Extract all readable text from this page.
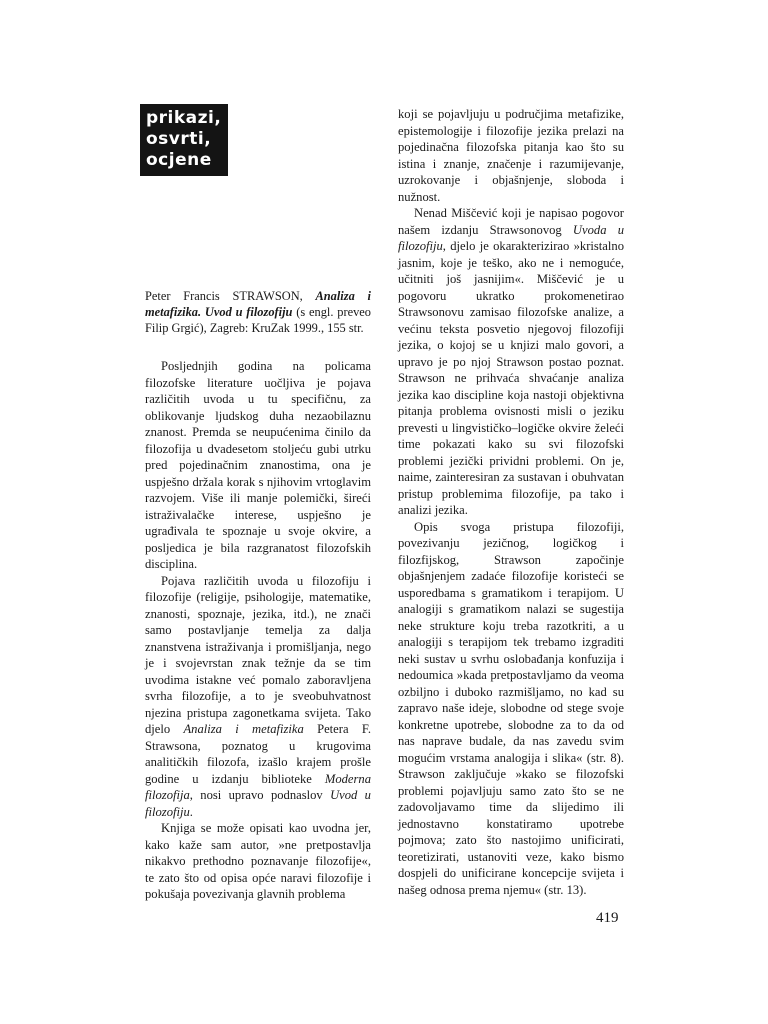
prikazi,
osvrti,
ocjene

Peter Francis STRAWSON, Analiza i metafizika. Uvod u filozofiju (s engl. preveo Filip Grgić), Zagreb: KruZak 1999., 155 str.

Posljednjih godina na policama filozofske literature uočljiva je pojava različitih uvoda u tu specifičnu, za oblikovanje ljudskog duha nezaobilaznu znanost. Premda se neupućenima činilo da filozofija u dvadesetom stoljeću gubi utrku pred pojedinačnim znanostima, ona je uspješno držala korak s njihovim vrtoglavim razvojem. Više ili manje polemički, šireći istraživalačke interese, uspješno je ugrađivala te spoznaje u svoje okvire, a posljedica je bila razgranatost filozofskih disciplina.

Pojava različitih uvoda u filozofiju i filozofije (religije, psihologije, matematike, znanosti, spoznaje, jezika, itd.), ne znači samo postavljanje temelja za dalja znanstvena istraživanja i promišljanja, nego je i svojevrstan znak težnje da se tim uvodima istakne već pomalo zaboravljena svrha filozofije, a to je sveobuhvatnost njezina pristupa zagonetkama svijeta. Tako djelo Analiza i metafizika Petera F. Strawsona, poznatog u krugovima analitičkih filozofa, izašlo krajem prošle godine u izdanju biblioteke Moderna filozofija, nosi upravo podnaslov Uvod u filozofiju.

Knjiga se može opisati kao uvodna jer, kako kaže sam autor, »ne pretpostavlja nikakvo prethodno poznavanje filozofije«, te zato što od opisa opće naravi filozofije i pokušaja povezivanja glavnih problema

koji se pojavljuju u područjima metafizike, epistemologije i filozofije jezika prelazi na pojedinačna filozofska pitanja kao što su istina i znanje, značenje i razumijevanje, uzrokovanje i objašnjenje, sloboda i nužnost.

Nenad Miščević koji je napisao pogovor našem izdanju Strawsonovog Uvoda u filozofiju, djelo je okarakterizirao »kristalno jasnim, koje je teško, ako ne i nemoguće, učitniti još jasnijim«. Miščević je u pogovoru ukratko prokomenetirao Strawsonovu zamisao filozofske analize, a većinu teksta posvetio njegovoj filozofiji jezika, o kojoj se u knjizi malo govori, a upravo je po njoj Strawson postao poznat. Strawson ne prihvaća shvaćanje analiza jezika kao discipline koja nastoji objektivna pitanja problema ovisnosti misli o jeziku prevesti u lingvističko–logičke okvire želeći time pokazati kako su svi filozofski problemi jezički prividni problemi. On je, naime, zainteresiran za sustavan i obuhvatan pristup problemima filozofije, pa tako i analizi jezika.

Opis svoga pristupa filozofiji, povezivanju jezičnog, logičkog i filozfijskog, Strawson započinje objašnjenjem zadaće filozofije koristeći se usporedbama s gramatikom i terapijom. U analogiji s gramatikom nalazi se sugestija neke strukture koju treba razotkriti, a u analogiji s terapijom tek trebamo izgraditi neki sustav u svrhu oslobađanja konfuzija i nedoumica »kada pretpostavljamo da veoma ozbiljno i duboko razmišljamo, no kad su zapravo naše ideje, slobodne od stege svoje konkretne upotrebe, slobodne za to da od nas naprave budale, da nas zavedu svim mogućim vrstama analogija i slika« (str. 8). Strawson zaključuje »kako se filozofski problemi pojavljuju samo zato što se ne zadovoljavamo time da slijedimo ili jednostavno konstatiramo upotrebe pojmova; zato što nastojimo unificirati, teoretizirati, ustanoviti veze, kako bismo dospjeli do unificirane koncepcije svijeta i našeg odnosa prema njemu« (str. 13).

419
